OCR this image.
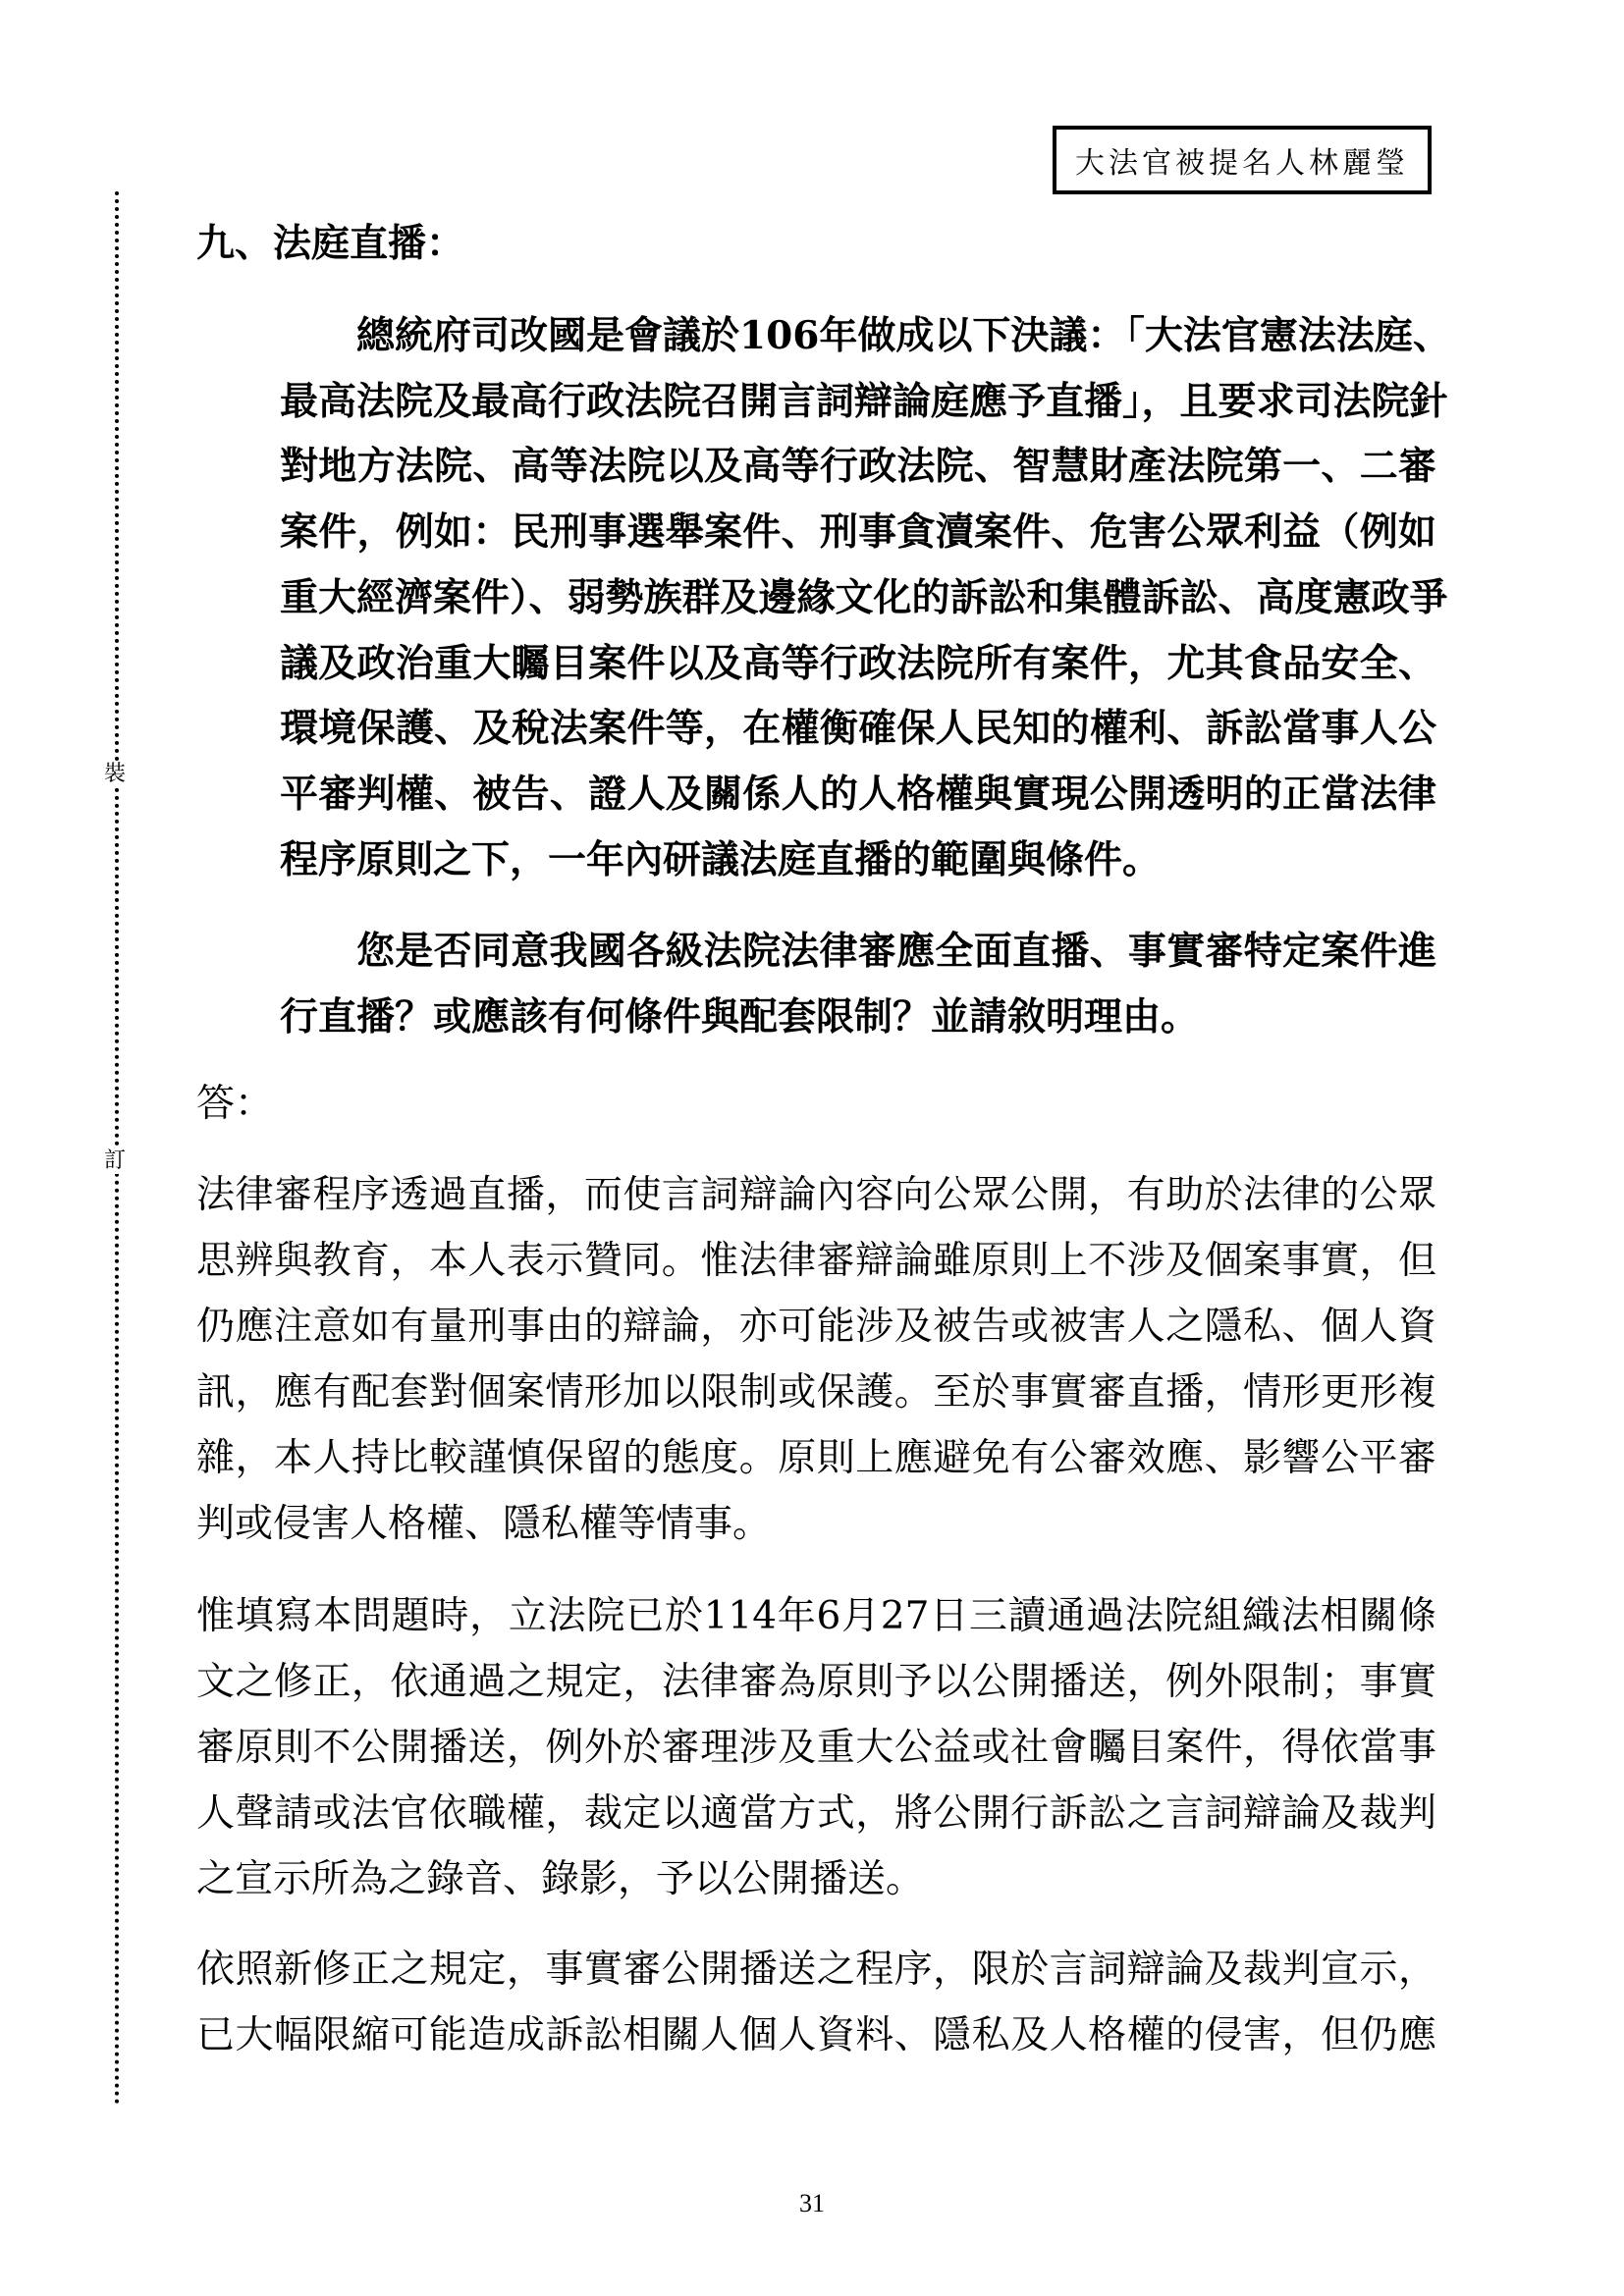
大法官被提名人林麗瑩
裝
訂
九、法庭直播：
總統府司改國是會議於106年做成以下決議：「大法官憲法法庭、
最高法院及最高行政法院召開言詞辯論庭應予直播」，且要求司法院針
對地方法院、高等法院以及高等行政法院、智慧財產法院第一、二審
案件，例如：民刑事選舉案件、刑事貪瀆案件、危害公眾利益（例如
重大經濟案件）、弱勢族群及邊緣文化的訴訟和集體訴訟、高度憲政爭
議及政治重大矚目案件以及高等行政法院所有案件，尤其食品安全、
環境保護、及稅法案件等，在權衡確保人民知的權利、訴訟當事人公
平審判權、被告、證人及關係人的人格權與實現公開透明的正當法律
程序原則之下，一年內研議法庭直播的範圍與條件。
您是否同意我國各級法院法律審應全面直播、事實審特定案件進
行直播？或應該有何條件與配套限制？並請敘明理由。
答：
法律審程序透過直播，而使言詞辯論內容向公眾公開，有助於法律的公眾
思辨與教育，本人表示贊同。惟法律審辯論雖原則上不涉及個案事實，但
仍應注意如有量刑事由的辯論，亦可能涉及被告或被害人之隱私、個人資
訊，應有配套對個案情形加以限制或保護。至於事實審直播，情形更形複
雜，本人持比較謹慎保留的態度。原則上應避免有公審效應、影響公平審
判或侵害人格權、隱私權等情事。
惟填寫本問題時，立法院已於114年6月27日三讀通過法院組織法相關條
文之修正，依通過之規定，法律審為原則予以公開播送，例外限制；事實
審原則不公開播送，例外於審理涉及重大公益或社會矚目案件，得依當事
人聲請或法官依職權，裁定以適當方式，將公開行訴訟之言詞辯論及裁判
之宣示所為之錄音、錄影，予以公開播送。
依照新修正之規定，事實審公開播送之程序，限於言詞辯論及裁判宣示，
已大幅限縮可能造成訴訟相關人個人資料、隱私及人格權的侵害，但仍應
31
